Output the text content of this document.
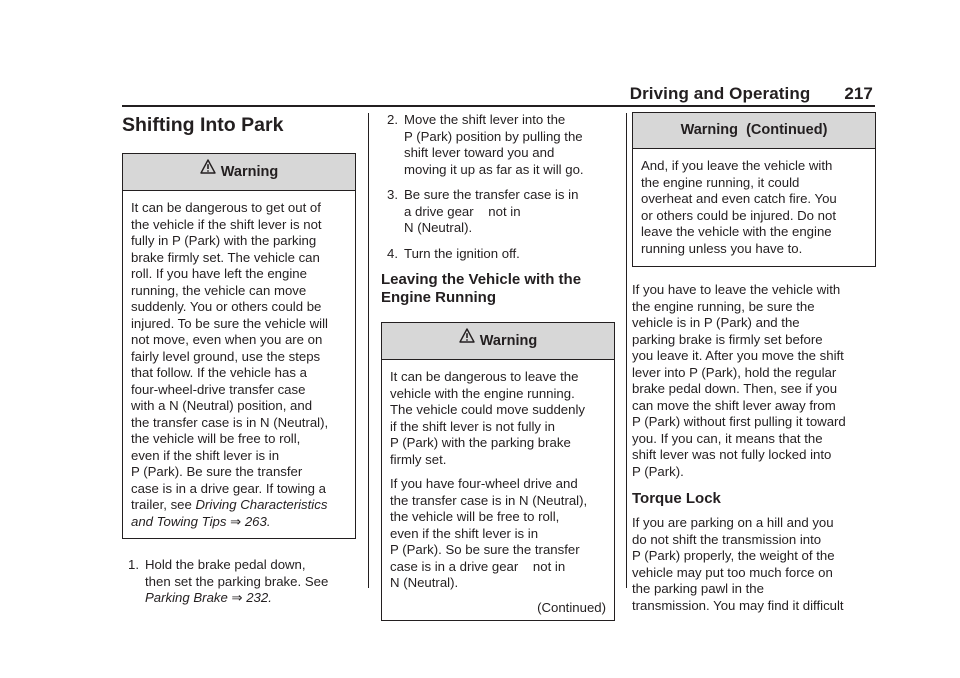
Driving and Operating 217
Shifting Into Park
Warning

It can be dangerous to get out of
the vehicle if the shift lever is not
fully in P (Park) with the parking
brake firmly set. The vehicle can
roll. If you have left the engine
running, the vehicle can move
suddenly. You or others could be
injured. To be sure the vehicle will
not move, even when you are on
fairly level ground, use the steps
that follow. If the vehicle has a
four-wheel-drive transfer case
with a N (Neutral) position, and
the transfer case is in N (Neutral),
the vehicle will be free to roll,
even if the shift lever is in
P (Park). Be sure the transfer
case is in a drive gear. If towing a
trailer, see Driving Characteristics
and Towing Tips ⇒ 263.

1. Hold the brake pedal down,
then set the parking brake. See
Parking Brake ⇒ 232.
2. Move the shift lever into the
P (Park) position by pulling the
shift lever toward you and
moving it up as far as it will go.
3. Be sure the transfer case is in
a drive gear    not in
N (Neutral).
4. Turn the ignition off.
Leaving the Vehicle with the
Engine Running
Warning

It can be dangerous to leave the
vehicle with the engine running.
The vehicle could move suddenly
if the shift lever is not fully in
P (Park) with the parking brake
firmly set.

If you have four-wheel drive and
the transfer case is in N (Neutral),
the vehicle will be free to roll,
even if the shift lever is in
P (Park). So be sure the transfer
case is in a drive gear    not in
N (Neutral).

(Continued)
Warning  (Continued)

And, if you leave the vehicle with
the engine running, it could
overheat and even catch fire. You
or others could be injured. Do not
leave the vehicle with the engine
running unless you have to.

If you have to leave the vehicle with
the engine running, be sure the
vehicle is in P (Park) and the
parking brake is firmly set before
you leave it. After you move the shift
lever into P (Park), hold the regular
brake pedal down. Then, see if you
can move the shift lever away from
P (Park) without first pulling it toward
you. If you can, it means that the
shift lever was not fully locked into
P (Park).

Torque Lock

If you are parking on a hill and you
do not shift the transmission into
P (Park) properly, the weight of the
vehicle may put too much force on
the parking pawl in the
transmission. You may find it difficult
